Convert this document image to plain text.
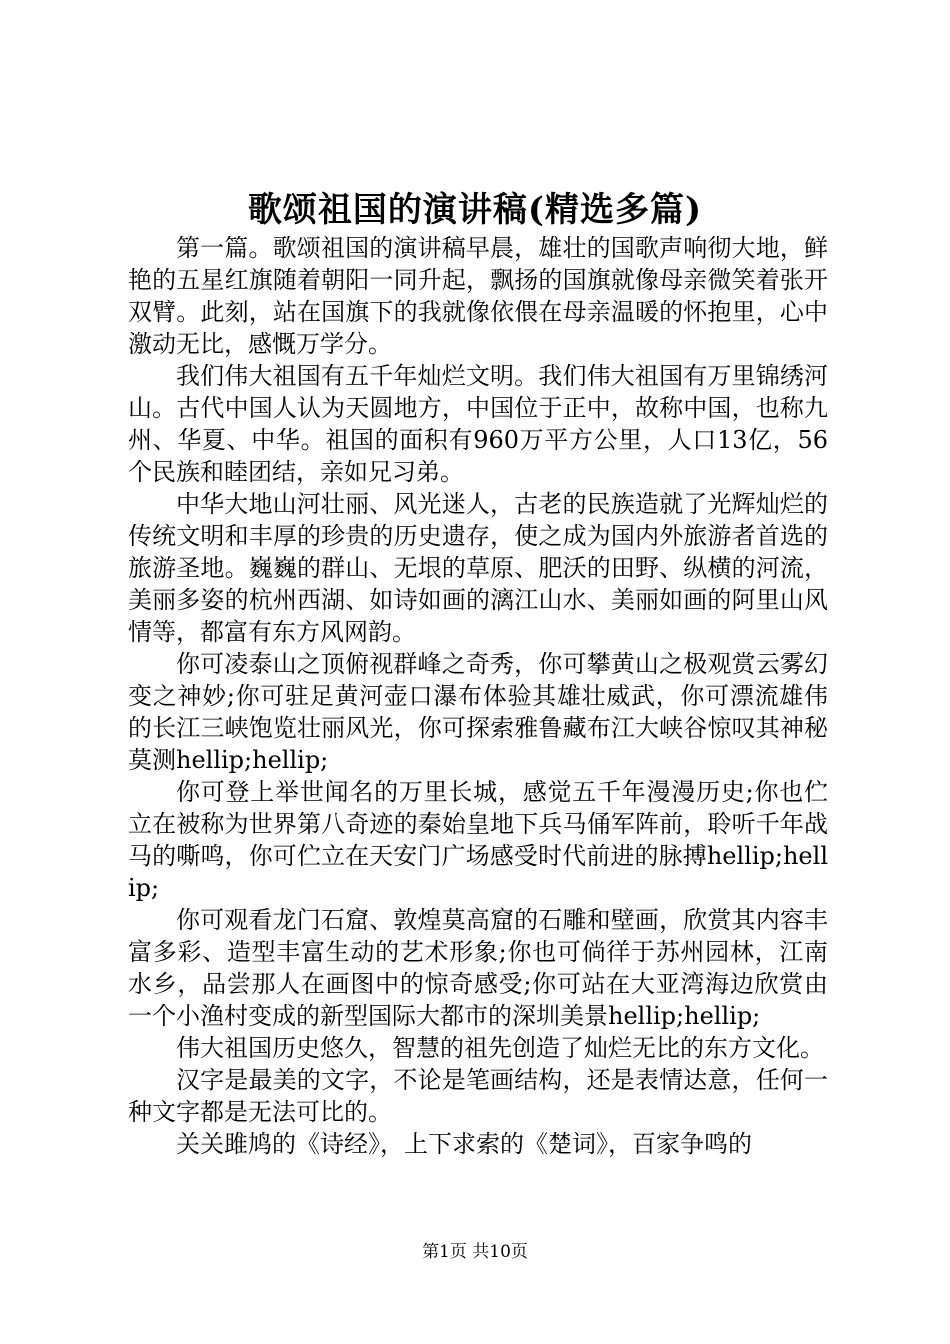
歌颂祖国的演讲稿(精选多篇)

第一篇。歌颂祖国的演讲稿早晨，雄壮的国歌声响彻大地，鲜艳的五星红旗随着朝阳一同升起，飘扬的国旗就像母亲微笑着张开双臂。此刻，站在国旗下的我就像依偎在母亲温暖的怀抱里，心中激动无比，感慨万学分。

我们伟大祖国有五千年灿烂文明。我们伟大祖国有万里锦绣河山。古代中国人认为天圆地方，中国位于正中，故称中国，也称九州、华夏、中华。祖国的面积有960万平方公里，人口13亿，56个民族和睦团结，亲如兄习弟。

中华大地山河壮丽、风光迷人，古老的民族造就了光辉灿烂的传统文明和丰厚的珍贵的历史遗存，使之成为国内外旅游者首选的旅游圣地。巍巍的群山、无垠的草原、肥沃的田野、纵横的河流，美丽多姿的杭州西湖、如诗如画的漓江山水、美丽如画的阿里山风情等，都富有东方风网韵。

你可凌泰山之顶俯视群峰之奇秀，你可攀黄山之极观赏云雾幻变之神妙;你可驻足黄河壶口瀑布体验其雄壮威武，你可漂流雄伟的长江三峡饱览壮丽风光，你可探索雅鲁藏布江大峡谷惊叹其神秘莫测hellip;hellip;

你可登上举世闻名的万里长城，感觉五千年漫漫历史;你也伫立在被称为世界第八奇迹的秦始皇地下兵马俑军阵前，聆听千年战马的嘶鸣，你可伫立在天安门广场感受时代前进的脉搏hellip;hellip;

你可观看龙门石窟、敦煌莫高窟的石雕和壁画，欣赏其内容丰富多彩、造型丰富生动的艺术形象;你也可倘徉于苏州园林，江南水乡，品尝那人在画图中的惊奇感受;你可站在大亚湾海边欣赏由一个小渔村变成的新型国际大都市的深圳美景hellip;hellip;

伟大祖国历史悠久，智慧的祖先创造了灿烂无比的东方文化。

汉字是最美的文字，不论是笔画结构，还是表情达意，任何一种文字都是无法可比的。

关关雎鸠的《诗经》，上下求索的《楚词》，百家争鸣的

第1页 共10页
